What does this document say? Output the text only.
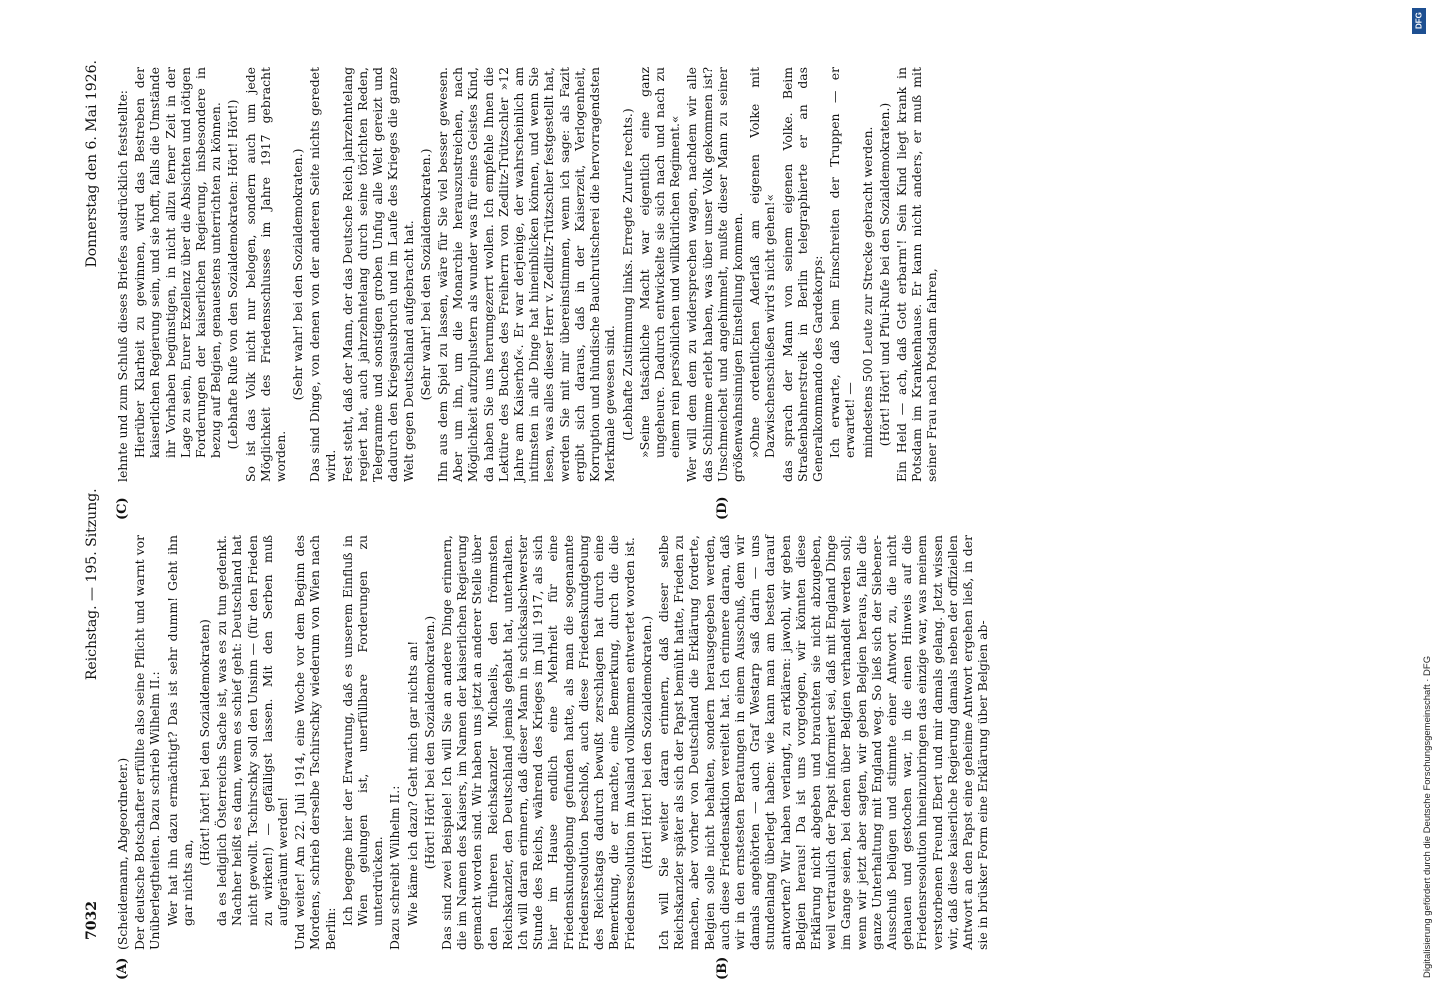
7032
Reichstag. — 195. Sitzung.
Donnerstag den 6. Mai 1926.
(A)	(B)
(C)	(D)

(Scheidemann, Abgeordneter.) Der deutsche Botschafter erfüllte also seine Pflicht und warnt vor Unüberlegtheiten. Dazu schrieb Wilhelm II.: Wer hat ihn dazu ermächtigt? Das ist sehr dumm! Geht ihn gar nichts an,

(Hört! hört! bei den Sozialdemokraten) da es lediglich Österreichs Sache ist, was es zu tun gedenkt. Nachher heißt es dann, wenn es schief geht: Deutschland hat nicht gewollt. Tschirschky soll den Unsinn — (für den Frieden zu wirken!) — gefälligst lassen. Mit den Serben muß aufgeräumt werden! Und weiter! Am 22. Juli 1914, eine Woche vor dem Beginn des Mordens, schrieb derselbe Tschirschky wiederum von Wien nach Berlin:

Ich begegne hier der Erwartung, daß es unserem Einfluß in Wien gelungen ist, unerfüllbare Forderungen zu unterdrücken. Dazu schreibt Wilhelm II.: Wie käme ich dazu? Geht mich gar nichts an! (Hört! Hört! bei den Sozialdemokraten.) Das sind zwei Beispiele! Ich will Sie an andere Dinge erinnern, die im Namen des Kaisers, im Namen der kaiserlichen Regierung gemacht worden sind. Wir haben uns jetzt an anderer Stelle über den früheren Reichskanzler Michaelis, den frömmsten Reichskanzler, den Deutschland jemals gehabt hat, unterhalten. Ich will daran erinnern, daß dieser Mann in schicksalschwerster Stunde des Reichs, während des Krieges im Juli 1917, als sich hier im Hause endlich eine Mehrheit für eine Friedenskundgebung gefunden hatte, als man die sogenannte Friedensresolution beschloß, auch diese Friedenskundgebung des Reichstags dadurch bewußt zerschlagen hat durch eine Bemerkung, die er machte, eine Bemerkung, durch die die Friedensresolution im Ausland vollkommen entwertet worden ist. (Hört! Hört! bei den Sozialdemokraten.) Ich will Sie weiter daran erinnern, daß dieser selbe Reichskanzler später als sich der Papst bemüht hatte, Frieden zu machen, aber vorher von Deutschland die Erklärung forderte, Belgien solle nicht behalten, sondern herausgegeben werden, auch diese Friedensaktion vereitelt hat. Ich erinnere daran, daß wir in den ernstesten Beratungen in einem Ausschuß, dem wir damals angehörten — auch Graf Westarp saß darin — uns stundenlang überlegt haben: wie kann man am besten darauf antworten? Wir haben verlangt, zu erklären: jawohl, wir geben Belgien heraus! Da ist uns vorgelogen, wir könnten diese Erklärung nicht abgeben und brauchten sie nicht abzugeben, weil vertraulich der Papst informiert sei, daß mit England Dinge im Gange seien, bei denen über Belgien verhandelt werden soll; wenn wir jetzt aber sagten, wir geben Belgien heraus, falle die ganze Unterhaltung mit England weg. So ließ sich der Siebener-Ausschuß belügen und stimmte einer Antwort zu, die nicht gehauen und gestochen war, in die einen Hinweis auf die Friedensresolution hineinzubringen das einzige war, was meinem verstorbenen Freund Ebert und mir damals gelang. Jetzt wissen wir, daß diese kaiserliche Regierung damals neben der offiziellen Antwort an den Papst eine geheime Antwort ergehen ließ, in der sie in brüsker Form eine Erklärung über Belgien ab-

lehnte und zum Schluß dieses Briefes ausdrücklich feststellte: Hierüber Klarheit zu gewinnen, wird das Bestreben der kaiserlichen Regierung sein, und sie hofft, falls die Umstände ihr Vorhaben begünstigen, in nicht allzu ferner Zeit in der Lage zu sein, Eurer Exzellenz über die Absichten und nötigen Forderungen der kaiserlichen Regierung, insbesondere in bezug auf Belgien, genauestens unterrichten zu können. (Lebhafte Rufe von den Sozialdemokraten: Hört! Hört!) So ist das Volk nicht nur belogen, sondern auch um jede Möglichkeit des Friedensschlusses im Jahre 1917 gebracht worden.

(Sehr wahr! bei den Sozialdemokraten.) Das sind Dinge, von denen von der anderen Seite nichts geredet wird. Fest steht, daß der Mann, der das Deutsche Reich jahrzehntelang regiert hat, auch jahrzehntelang durch seine törichten Reden, Telegramme und sonstigen groben Unfug alle Welt gereizt und dadurch den Kriegsausbruch und im Laufe des Krieges die ganze Welt gegen Deutschland aufgebracht hat. (Sehr wahr! bei den Sozialdemokraten.) Ihn aus dem Spiel zu lassen, wäre für Sie viel besser gewesen. Aber um ihn, um die Monarchie herauszustreichen, nach Möglichkeit aufzuplustern als wunder was für eines Geistes Kind, da haben Sie uns herumgezerrt wollen. Ich empfehle Ihnen die Lektüre des Buches des Freiherrn von Zedlitz-Trützschler »12 Jahre am Kaiserhof«. Er war derjenige, der wahrscheinlich am intimsten in alle Dinge hat hineinblicken können, und wenn Sie lesen, was alles dieser Herr v. Zedlitz-Trützschler festgestellt hat, werden Sie mit mir übereinstimmen, wenn ich sage: als Fazit ergibt sich daraus, daß in der Kaiserzeit, Verlogenheit, Korruption und hündische Bauchrutscherei die hervorragendsten Merkmale gewesen sind. (Lebhafte Zustimmung links. Erregte Zurufe rechts.) »Seine tatsächliche Macht war eigentlich eine ganz ungeheure. Dadurch entwickelte sie sich nach und nach zu einem rein persönlichen und willkürlichen Regiment.« Wer will dem dem zu widersprechen wagen, nachdem wir alle das Schlimme erlebt haben, was über unser Volk gekommen ist? Unschmeichelt und angehimmelt, mußte dieser Mann zu seiner größenwahnsinnigen Einstellung kommen. »Ohne ordentlichen Aderlaß am eigenen Volke mit Dazwischenschießen wird's nicht gehen!« das sprach der Mann von seinem eigenen Volke. Beim Straßenbahnerstreik in Berlin telegraphierte er an das Generalkommando des Gardekorps: Ich erwarte, daß beim Einschreiten der Truppen — er erwartet! — mindestens 500 Leute zur Strecke gebracht werden. (Hört! Hört! und Pfui-Rufe bei den Sozialdemokraten.) Ein Held — ach, daß Gott erbarm'! Sein Kind liegt krank in Potsdam im Krankenhause. Er kann nicht anders, er muß mit seiner Frau nach Potsdam fahren,

Digitalisierung gefördert durch die Deutsche Forschungsgemeinschaft · DFG
DFG
